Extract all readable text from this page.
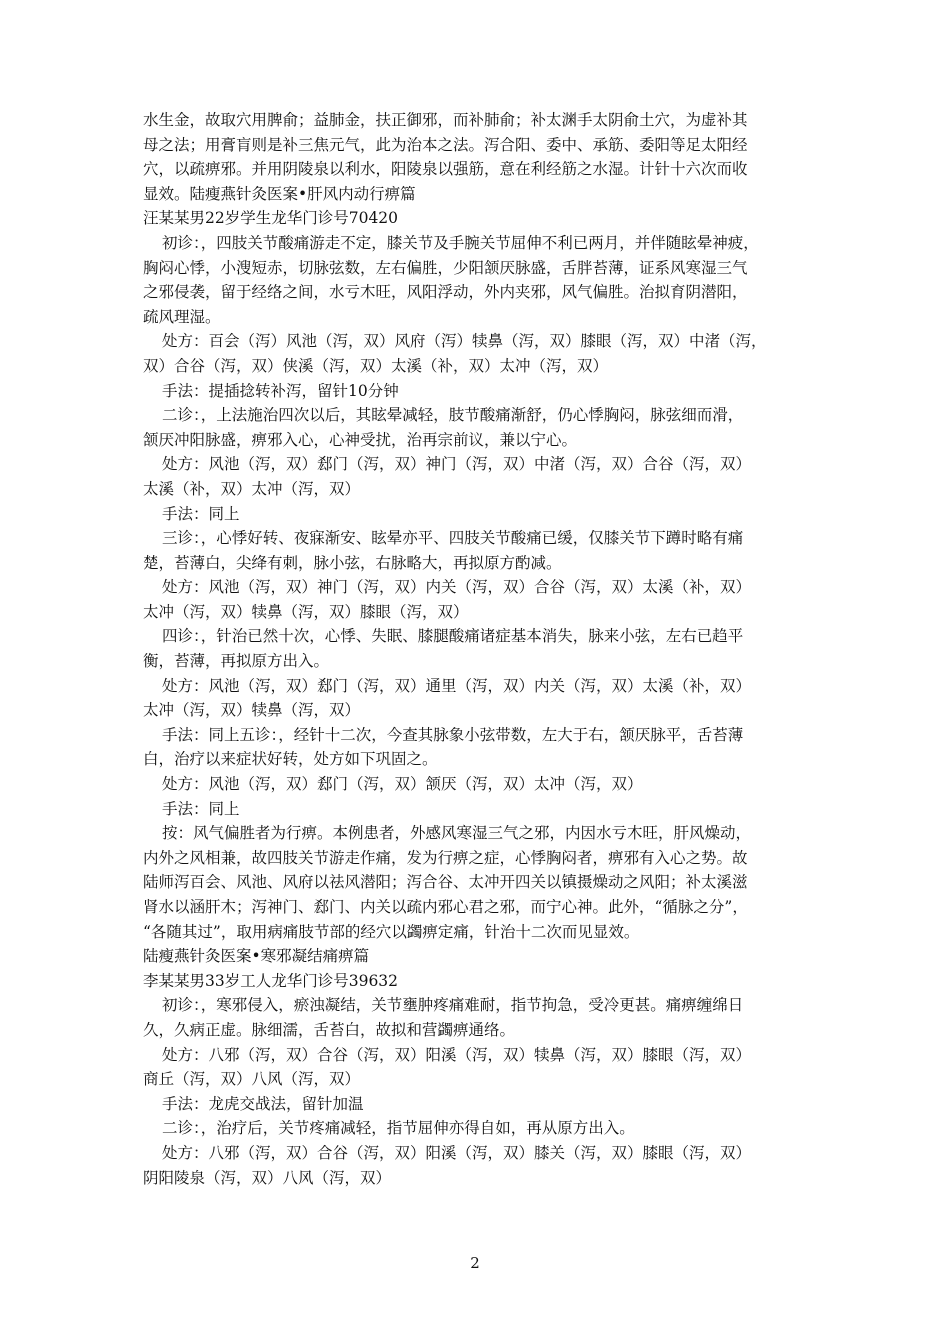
水生金，故取穴用脾俞；益肺金，扶正御邪，而补肺俞；补太渊手太阴俞土穴，为虚补其
母之法；用膏肓则是补三焦元气，此为治本之法。泻合阳、委中、承筋、委阳等足太阳经
穴，以疏痹邪。并用阴陵泉以利水，阳陵泉以强筋，意在利经筋之水湿。计针十六次而收
显效。陆瘦燕针灸医案•肝风内动行痹篇
汪某某男22岁学生龙华门诊号70420
初诊：，四肢关节酸痛游走不定，膝关节及手腕关节屈伸不利已两月，并伴随眩晕神疲，
胸闷心悸，小溲短赤，切脉弦数，左右偏胜，少阳颔厌脉盛，舌胖苔薄，证系风寒湿三气
之邪侵袭，留于经络之间，水亏木旺，风阳浮动，外内夹邪，风气偏胜。治拟育阴潜阳，
疏风理湿。
处方：百会（泻）风池（泻，双）风府（泻）犊鼻（泻，双）膝眼（泻，双）中渚（泻，
双）合谷（泻，双）侠溪（泻，双）太溪（补，双）太冲（泻，双）
手法：提插捻转补泻，留针10分钟
二诊：，上法施治四次以后，其眩晕减轻，肢节酸痛渐舒，仍心悸胸闷，脉弦细而滑，
颔厌冲阳脉盛，痹邪入心，心神受扰，治再宗前议，兼以宁心。
处方：风池（泻，双）郄门（泻，双）神门（泻，双）中渚（泻，双）合谷（泻，双）
太溪（补，双）太冲（泻，双）
手法：同上
三诊：，心悸好转、夜寐渐安、眩晕亦平、四肢关节酸痛已缓，仅膝关节下蹲时略有痛
楚，苔薄白，尖绛有刺，脉小弦，右脉略大，再拟原方酌减。
处方：风池（泻，双）神门（泻，双）内关（泻，双）合谷（泻，双）太溪（补，双）
太冲（泻，双）犊鼻（泻，双）膝眼（泻，双）
四诊：，针治已然十次，心悸、失眠、膝腿酸痛诸症基本消失，脉来小弦，左右已趋平
衡，苔薄，再拟原方出入。
处方：风池（泻，双）郄门（泻，双）通里（泻，双）内关（泻，双）太溪（补，双）
太冲（泻，双）犊鼻（泻，双）
手法：同上五诊：，经针十二次，今查其脉象小弦带数，左大于右，颔厌脉平，舌苔薄
白，治疗以来症状好转，处方如下巩固之。
处方：风池（泻，双）郄门（泻，双）颔厌（泻，双）太冲（泻，双）
手法：同上
按：风气偏胜者为行痹。本例患者，外感风寒湿三气之邪，内因水亏木旺，肝风燥动，
内外之风相兼，故四肢关节游走作痛，发为行痹之症，心悸胸闷者，痹邪有入心之势。故
陆师泻百会、风池、风府以祛风潜阳；泻合谷、太冲开四关以镇摄燥动之风阳；补太溪滋
肾水以涵肝木；泻神门、郄门、内关以疏内邪心君之邪，而宁心神。此外，“循脉之分”，
“各随其过”，取用病痛肢节部的经穴以蠲痹定痛，针治十二次而见显效。
陆瘦燕针灸医案•寒邪凝结痛痹篇
李某某男33岁工人龙华门诊号39632
初诊：，寒邪侵入，瘀浊凝结，关节壅肿疼痛难耐，指节拘急，受冷更甚。痛痹缠绵日
久，久病正虚。脉细濡，舌苔白，故拟和营蠲痹通络。
处方：八邪（泻，双）合谷（泻，双）阳溪（泻，双）犊鼻（泻，双）膝眼（泻，双）
商丘（泻，双）八风（泻，双）
手法：龙虎交战法，留针加温
二诊：，治疗后，关节疼痛减轻，指节屈伸亦得自如，再从原方出入。
处方：八邪（泻，双）合谷（泻，双）阳溪（泻，双）膝关（泻，双）膝眼（泻，双）
阴阳陵泉（泻，双）八风（泻，双）
2
